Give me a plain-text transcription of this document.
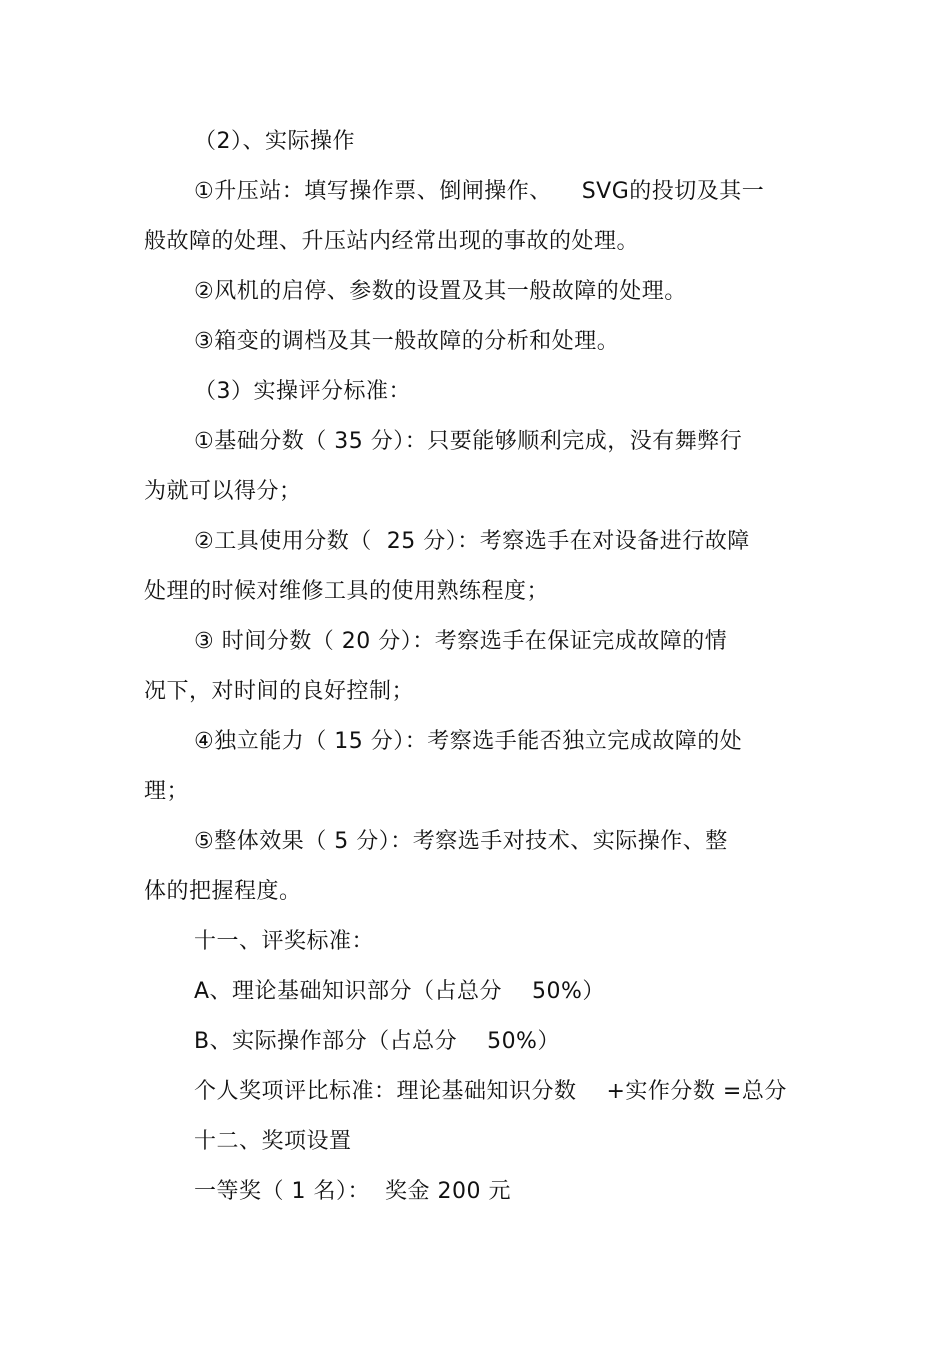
（2）、实际操作
①升压站：填写操作票、倒闸操作、    SVG的投切及其一
般故障的处理、升压站内经常出现的事故的处理。
②风机的启停、参数的设置及其一般故障的处理。
③箱变的调档及其一般故障的分析和处理。
（3）实操评分标准：
①基础分数（ 35 分）：只要能够顺利完成，没有舞弊行
为就可以得分；
②工具使用分数（  25 分）：考察选手在对设备进行故障
处理的时候对维修工具的使用熟练程度；
③ 时间分数（ 20 分）：考察选手在保证完成故障的情
况下，对时间的良好控制；
④独立能力（ 15 分）：考察选手能否独立完成故障的处
理；
⑤整体效果（ 5 分）：考察选手对技术、实际操作、整
体的把握程度。
十一、评奖标准：
A、理论基础知识部分（占总分    50%）
B、实际操作部分（占总分    50%）
个人奖项评比标准：理论基础知识分数    +实作分数 =总分
十二、奖项设置
一等奖（ 1 名）：  奖金 200 元
